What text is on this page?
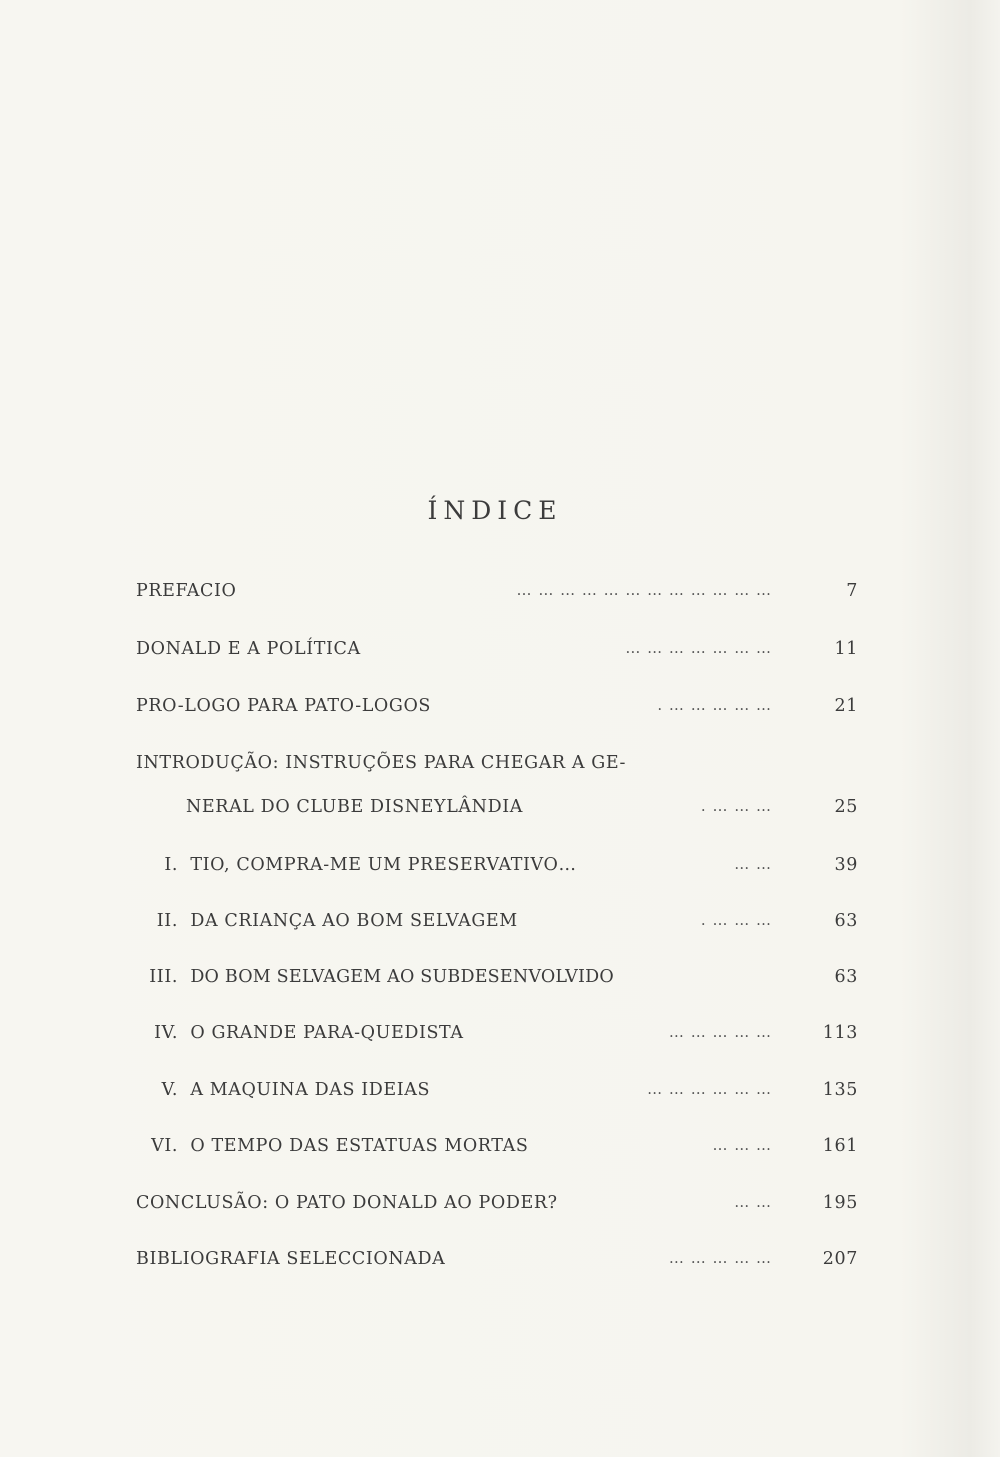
ÍNDICE
PREFACIO	… … … … … … … … … … … …	7
DONALD E A POLÍTICA	… … … … … … …	11
PRO-LOGO PARA PATO-LOGOS	. … … … … …	21
INTRODUÇÃO: INSTRUÇÕES PARA CHEGAR A GE-
NERAL DO CLUBE DISNEYLÂNDIA	. … … …	25
I. TIO, COMPRA-ME UM PRESERVATIVO…	… …	39
II. DA CRIANÇA AO BOM SELVAGEM	. … … …	63
III. DO BOM SELVAGEM AO SUBDESENVOLVIDO	63
IV. O GRANDE PARA-QUEDISTA	… … … … …	113
V. A MAQUINA DAS IDEIAS	… … … … … …	135
VI. O TEMPO DAS ESTATUAS MORTAS	… … …	161
CONCLUSÃO: O PATO DONALD AO PODER?	… …	195
BIBLIOGRAFIA SELECCIONADA	… … … … …	207
